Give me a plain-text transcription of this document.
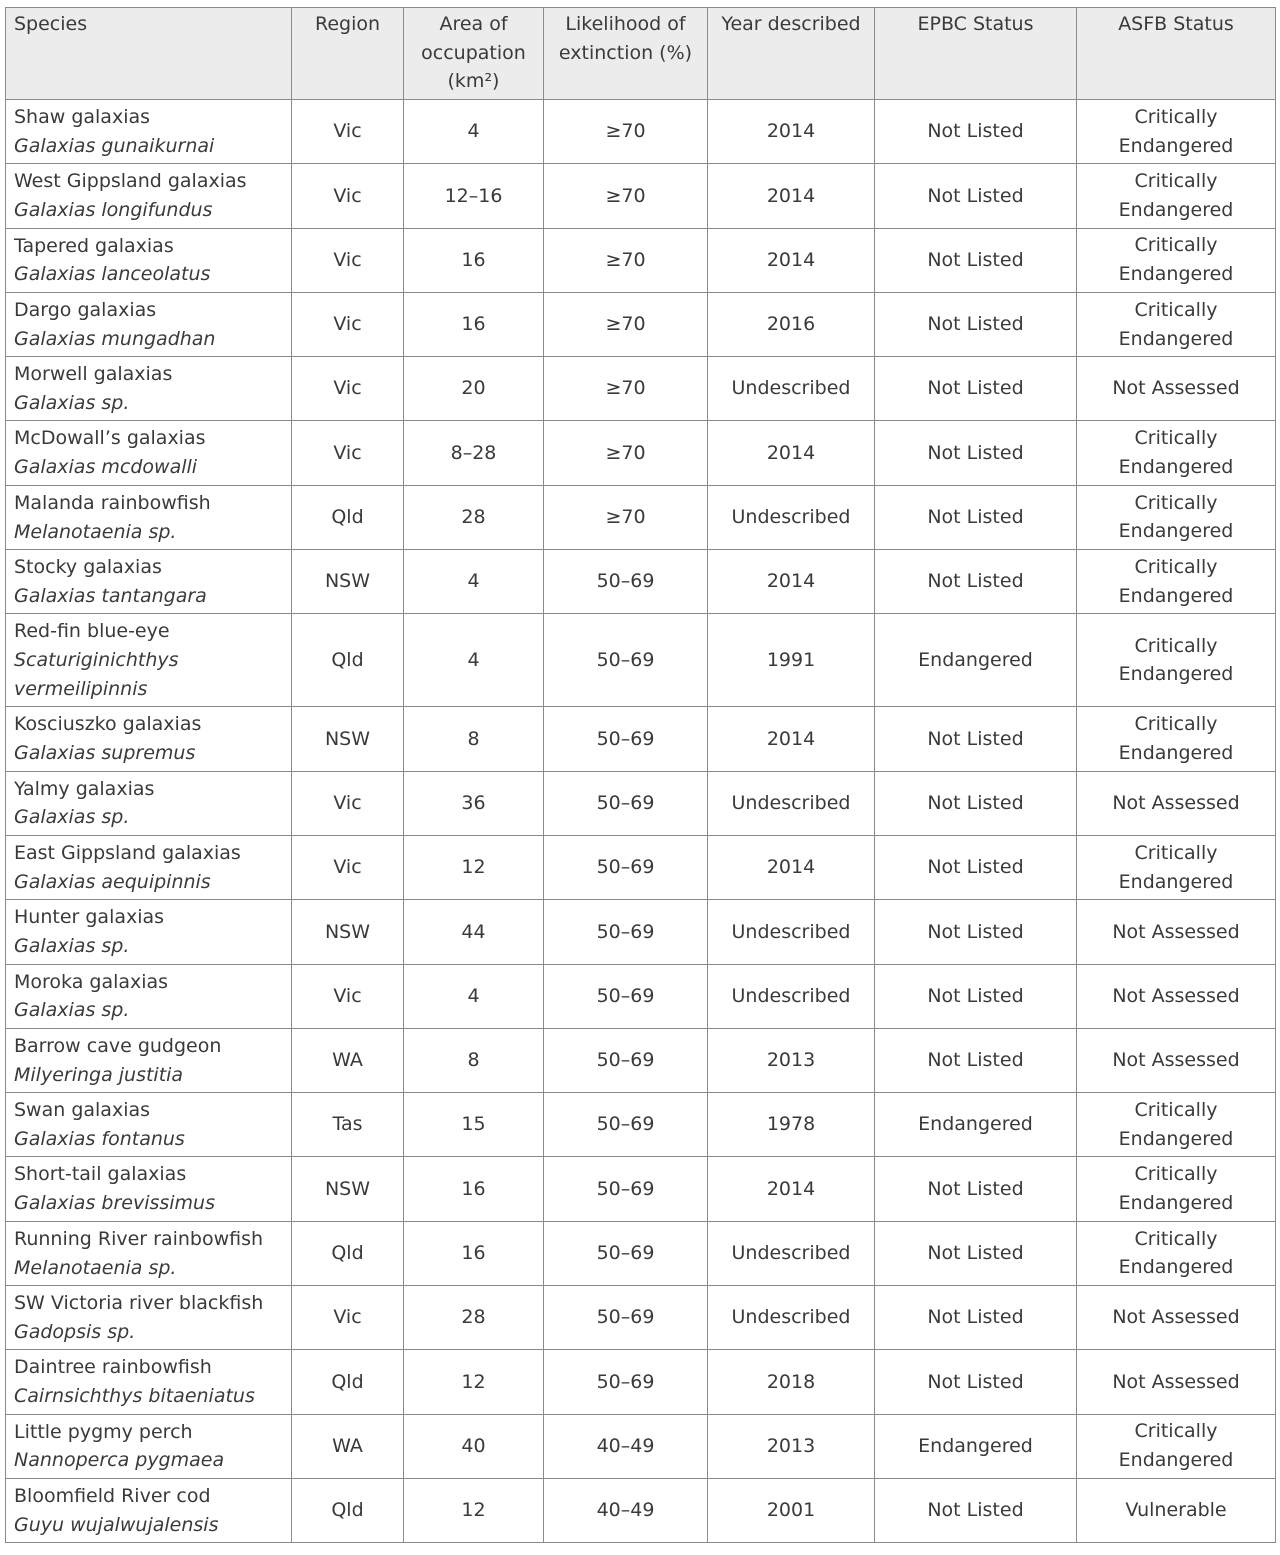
Species	Region	Area of occupation (km²)	Likelihood of extinction (%)	Year described	EPBC Status	ASFB Status

Shaw galaxias
Galaxias gunaikurnai	Vic	4	≥70	2014	Not Listed	Critically Endangered

West Gippsland galaxias
Galaxias longifundus	Vic	12–16	≥70	2014	Not Listed	Critically Endangered

Tapered galaxias
Galaxias lanceolatus	Vic	16	≥70	2014	Not Listed	Critically Endangered

Dargo galaxias
Galaxias mungadhan	Vic	16	≥70	2016	Not Listed	Critically Endangered

Morwell galaxias
Galaxias sp.	Vic	20	≥70	Undescribed	Not Listed	Not Assessed

McDowall’s galaxias
Galaxias mcdowalli	Vic	8–28	≥70	2014	Not Listed	Critically Endangered

Malanda rainbowfish
Melanotaenia sp.	Qld	28	≥70	Undescribed	Not Listed	Critically Endangered

Stocky galaxias
Galaxias tantangara	NSW	4	50–69	2014	Not Listed	Critically Endangered

Red-fin blue-eye
Scaturiginichthys vermeilipinnis	Qld	4	50–69	1991	Endangered	Critically Endangered

Kosciuszko galaxias
Galaxias supremus	NSW	8	50–69	2014	Not Listed	Critically Endangered

Yalmy galaxias
Galaxias sp.	Vic	36	50–69	Undescribed	Not Listed	Not Assessed

East Gippsland galaxias
Galaxias aequipinnis	Vic	12	50–69	2014	Not Listed	Critically Endangered

Hunter galaxias
Galaxias sp.	NSW	44	50–69	Undescribed	Not Listed	Not Assessed

Moroka galaxias
Galaxias sp.	Vic	4	50–69	Undescribed	Not Listed	Not Assessed

Barrow cave gudgeon
Milyeringa justitia	WA	8	50–69	2013	Not Listed	Not Assessed

Swan galaxias
Galaxias fontanus	Tas	15	50–69	1978	Endangered	Critically Endangered

Short-tail galaxias
Galaxias brevissimus	NSW	16	50–69	2014	Not Listed	Critically Endangered

Running River rainbowfish
Melanotaenia sp.	Qld	16	50–69	Undescribed	Not Listed	Critically Endangered

SW Victoria river blackfish
Gadopsis sp.	Vic	28	50–69	Undescribed	Not Listed	Not Assessed

Daintree rainbowfish
Cairnsichthys bitaeniatus	Qld	12	50–69	2018	Not Listed	Not Assessed

Little pygmy perch
Nannoperca pygmaea	WA	40	40–49	2013	Endangered	Critically Endangered

Bloomfield River cod
Guyu wujalwujalensis	Qld	12	40–49	2001	Not Listed	Vulnerable
